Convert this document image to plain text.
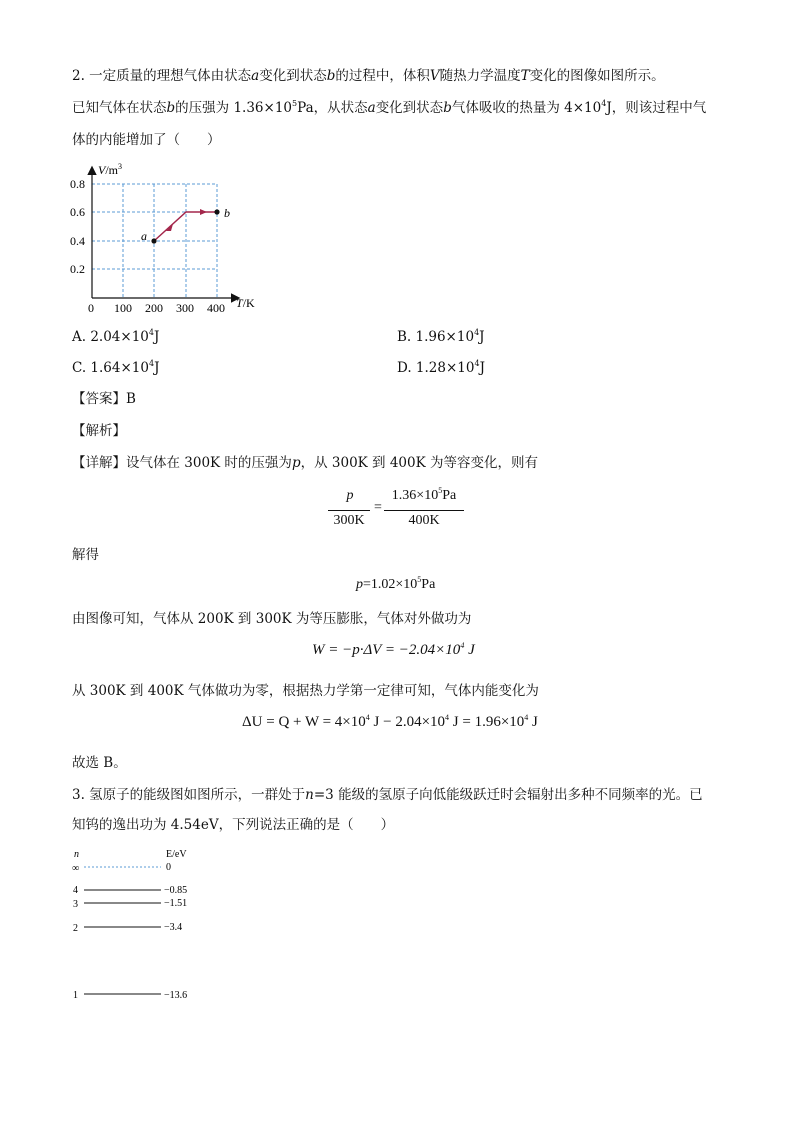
2. 一定质量的理想气体由状态a变化到状态b的过程中，体积V随热力学温度T变化的图像如图所示。
已知气体在状态b的压强为 $1.36\times 10^5Pa$，从状态a变化到状态b气体吸收的热量为 $4\times 10^4J$，则该过程中气
体的内能增加了（　　）
$V/m^3$
T/K
0.8
0.6
0.4
0.2
0 100 200 300 400
a
b
A. $2.04\times 10^4J$	B. $1.96\times 10^4J$
C. $1.64\times 10^4J$	D. $1.28\times 10^4J$
【答案】B
【解析】
【详解】设气体在 300K 时的压强为p，从 300K 到 400K 为等容变化，则有
p
300K
=
$1.36\times 10^5Pa$
400K
解得
$p=1.02\times 10^5Pa$
由图像可知，气体从 200K 到 300K 为等压膨胀，气体对外做功为
$W = -p\cdot\Delta V = -2.04\times 10^4$ J
从 300K 到 400K 气体做功为零，根据热力学第一定律可知，气体内能变化为
$\Delta U = Q + W = 4\times 10^4$ $J - 2.04\times 10^4$ $J = 1.96\times 10^4$ J
故选 B。
3. 氢原子的能级图如图所示，一群处于n=3 能级的氢原子向低能级跃迁时会辐射出多种不同频率的光。已
知钨的逸出功为 4.54eV，下列说法正确的是（　　）
n	E/eV
∞	0
4	−0.85
3	−1.51
2	−3.4
1	−13.6
